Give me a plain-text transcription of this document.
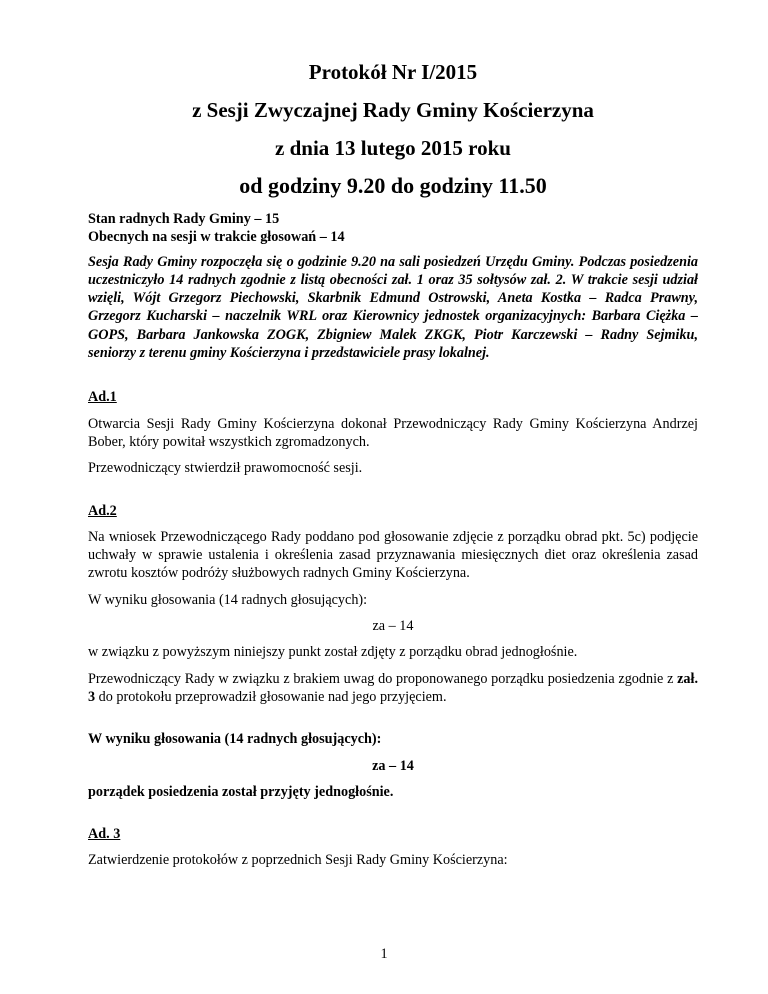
Protokół Nr I/2015

z Sesji Zwyczajnej Rady Gminy Kościerzyna

z dnia 13 lutego 2015 roku

od godziny 9.20 do godziny 11.50

Stan radnych Rady Gminy – 15

Obecnych na sesji w trakcie głosowań – 14

Sesja Rady Gminy rozpoczęła się o godzinie 9.20 na sali posiedzeń Urzędu Gminy. Podczas posiedzenia uczestniczyło 14 radnych zgodnie z listą obecności zał. 1 oraz 35 sołtysów zał. 2. W trakcie sesji udział wzięli, Wójt Grzegorz Piechowski, Skarbnik Edmund Ostrowski, Aneta Kostka – Radca Prawny, Grzegorz Kucharski – naczelnik WRL oraz Kierownicy jednostek organizacyjnych: Barbara Ciężka – GOPS, Barbara Jankowska ZOGK, Zbigniew Malek ZKGK, Piotr Karczewski – Radny Sejmiku, seniorzy z terenu gminy Kościerzyna i przedstawiciele prasy lokalnej.

Ad.1

Otwarcia Sesji Rady Gminy Kościerzyna dokonał Przewodniczący Rady Gminy Kościerzyna Andrzej Bober, który powitał wszystkich zgromadzonych.

Przewodniczący stwierdził prawomocność sesji.

Ad.2

Na wniosek Przewodniczącego Rady poddano pod głosowanie zdjęcie z porządku obrad pkt. 5c) podjęcie uchwały w sprawie ustalenia i określenia zasad przyznawania miesięcznych diet oraz określenia zasad zwrotu kosztów podróży służbowych radnych Gminy Kościerzyna.

W wyniku głosowania (14 radnych głosujących):

za – 14

w związku z powyższym niniejszy punkt został zdjęty z porządku obrad jednogłośnie.

Przewodniczący Rady w związku z brakiem uwag do proponowanego porządku posiedzenia zgodnie z zał. 3 do protokołu przeprowadził głosowanie nad jego przyjęciem.

W wyniku głosowania (14 radnych głosujących):

za – 14

porządek posiedzenia został przyjęty jednogłośnie.

Ad. 3

Zatwierdzenie protokołów z poprzednich Sesji Rady Gminy Kościerzyna:

1
